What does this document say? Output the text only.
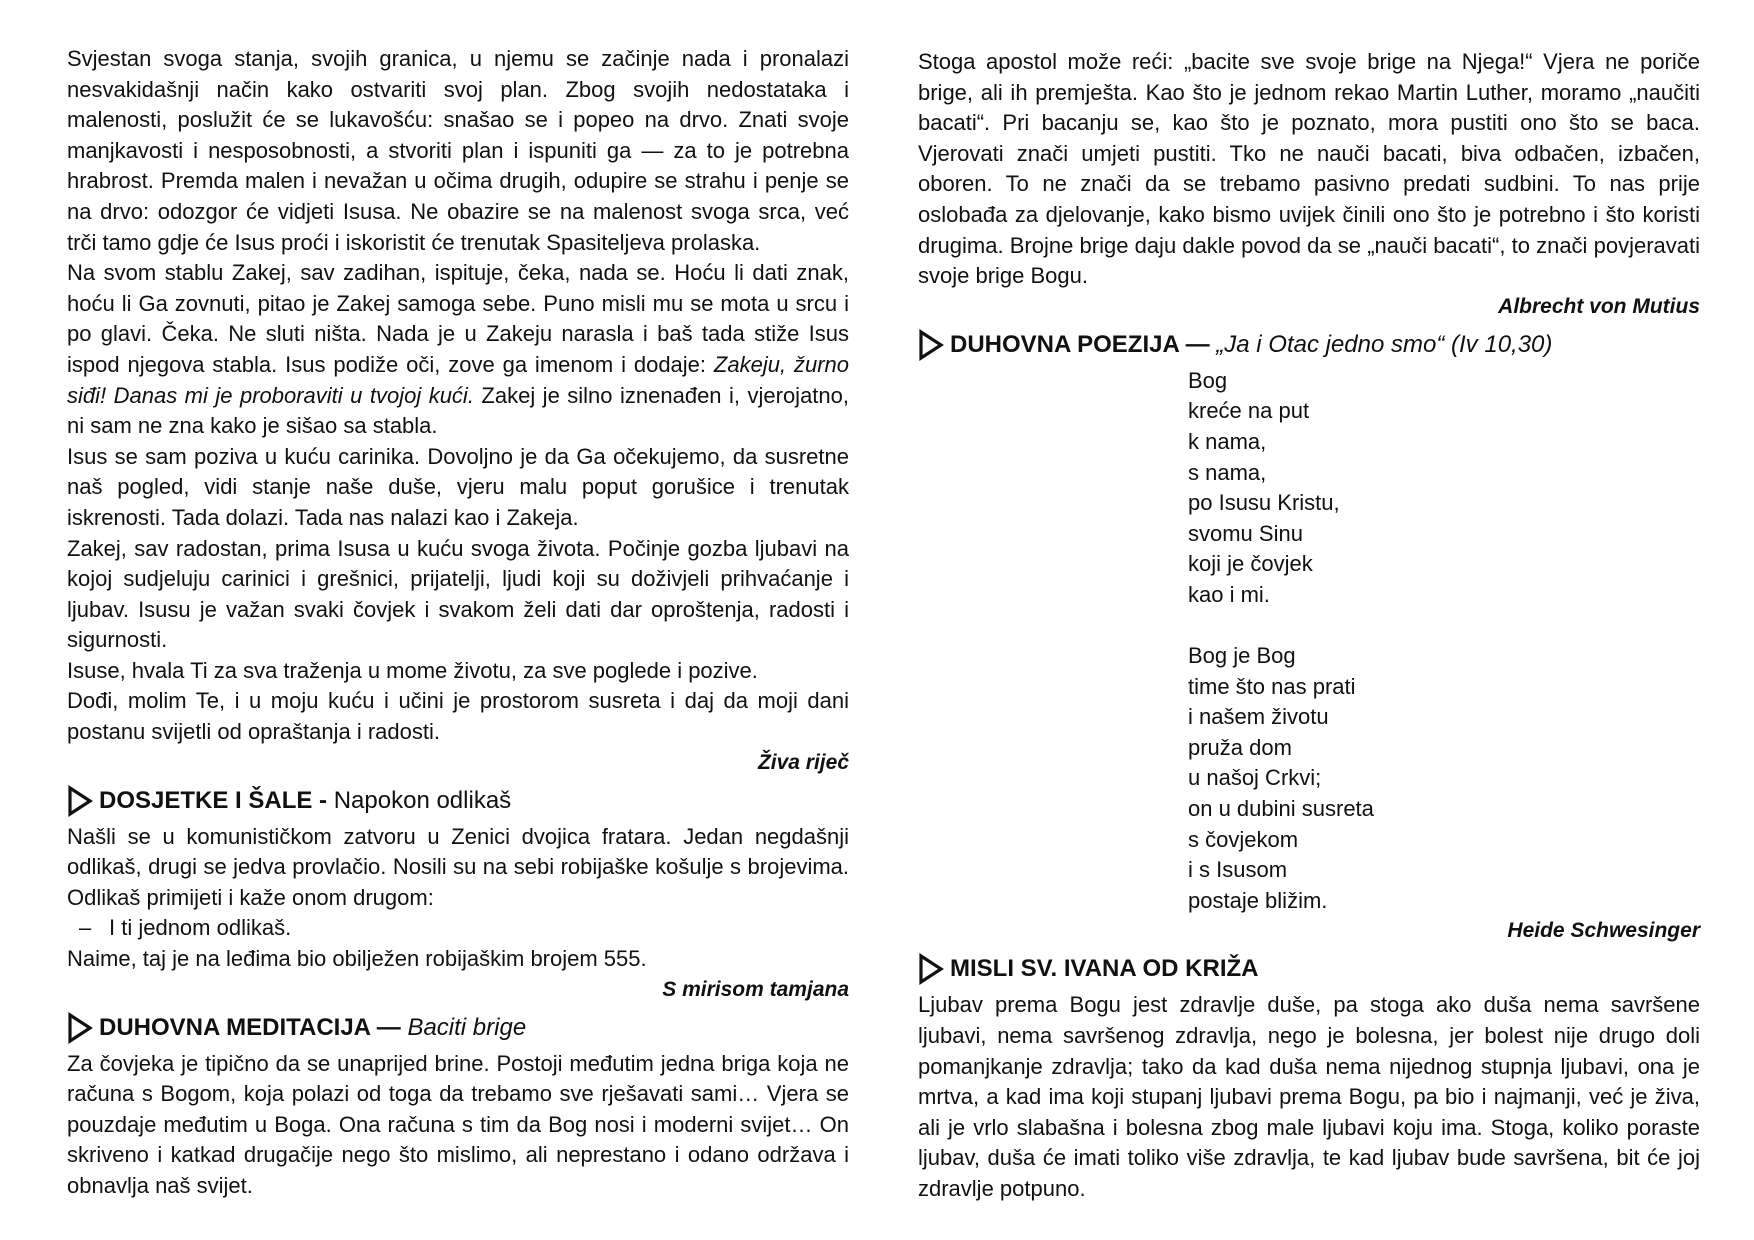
Svjestan svoga stanja, svojih granica, u njemu se začinje nada i pronalazi nesvakidašnji način kako ostvariti svoj plan. Zbog svojih nedostataka i malenosti, poslužit će se lukavošću: snašao se i popeo na drvo. Znati svoje manjkavosti i nesposobnosti, a stvoriti plan i ispuniti ga — za to je potrebna hrabrost. Premda malen i nevažan u očima drugih, odupire se strahu i penje se na drvo: odozgor će vidjeti Isusa. Ne obazire se na malenost svoga srca, već trči tamo gdje će Isus proći i iskoristit će trenutak Spasiteljeva prolaska.

Na svom stablu Zakej, sav zadihan, ispituje, čeka, nada se. Hoću li dati znak, hoću li Ga zovnuti, pitao je Zakej samoga sebe. Puno misli mu se mota u srcu i po glavi. Čeka. Ne sluti ništa. Nada je u Zakeju narasla i baš tada stiže Isus ispod njegova stabla. Isus podiže oči, zove ga imenom i dodaje: Zakeju, žurno siđi! Danas mi je proboraviti u tvojoj kući. Zakej je silno iznenađen i, vjerojatno, ni sam ne zna kako je sišao sa stabla.

Isus se sam poziva u kuću carinika. Dovoljno je da Ga očekujemo, da susretne naš pogled, vidi stanje naše duše, vjeru malu poput gorušice i trenutak iskrenosti. Tada dolazi. Tada nas nalazi kao i Zakeja.

Zakej, sav radostan, prima Isusa u kuću svoga života. Počinje gozba ljubavi na kojoj sudjeluju carinici i grešnici, prijatelji, ljudi koji su doživjeli prihvaćanje i ljubav. Isusu je važan svaki čovjek i svakom želi dati dar oproštenja, radosti i sigurnosti.

Isuse, hvala Ti za sva traženja u mome životu, za sve poglede i pozive.

Dođi, molim Te, i u moju kuću i učini je prostorom susreta i daj da moji dani postanu svijetli od opraštanja i radosti.

Živa riječ

DOSJETKE I ŠALE -
Napokon odlikaš

Našli se u komunističkom zatvoru u Zenici dvojica fratara. Jedan negdašnji odlikaš, drugi se jedva provlačio. Nosili su na sebi robijaške košulje s brojevima. Odlikaš primijeti i kaže onom drugom:

– I ti jednom odlikaš.

Naime, taj je na leđima bio obilježen robijaškim brojem 555.

S mirisom tamjana

DUHOVNA MEDITACIJA —
Baciti brige

Za čovjeka je tipično da se unaprijed brine. Postoji međutim jedna briga koja ne računa s Bogom, koja polazi od toga da trebamo sve rješavati sami… Vjera se pouzdaje međutim u Boga. Ona računa s tim da Bog nosi i moderni svijet… On skriveno i katkad drugačije nego što mislimo, ali neprestano i odano održava i obnavlja naš svijet.

Stoga apostol može reći: „bacite sve svoje brige na Njega!“ Vjera ne poriče brige, ali ih premješta. Kao što je jednom rekao Martin Luther, moramo „naučiti bacati“. Pri bacanju se, kao što je poznato, mora pustiti ono što se baca. Vjerovati znači umjeti pustiti. Tko ne nauči bacati, biva odbačen, izbačen, oboren. To ne znači da se trebamo pasivno predati sudbini. To nas prije oslobađa za djelovanje, kako bismo uvijek činili ono što je potrebno i što koristi drugima. Brojne brige daju dakle povod da se „nauči bacati“, to znači povjeravati svoje brige Bogu.

Albrecht von Mutius

DUHOVNA POEZIJA —
„Ja i Otac jedno smo“ (Iv 10,30)
Bog
kreće na put
k nama,
s nama,
po Isusu Kristu,
svomu Sinu
koji je čovjek
kao i mi.
Bog je Bog
time što nas prati
i našem životu
pruža dom
u našoj Crkvi;
on u dubini susreta
s čovjekom
i s Isusom
postaje bližim.

Heide Schwesinger

MISLI SV. IVANA OD KRIŽA

Ljubav prema Bogu jest zdravlje duše, pa stoga ako duša nema savršene ljubavi, nema savršenog zdravlja, nego je bolesna, jer bolest nije drugo doli pomanjkanje zdravlja; tako da kad duša nema nijednog stupnja ljubavi, ona je mrtva, a kad ima koji stupanj ljubavi prema Bogu, pa bio i najmanji, već je živa, ali je vrlo slabašna i bolesna zbog male ljubavi koju ima. Stoga, koliko poraste ljubav, duša će imati toliko više zdravlja, te kad ljubav bude savršena, bit će joj zdravlje potpuno.
